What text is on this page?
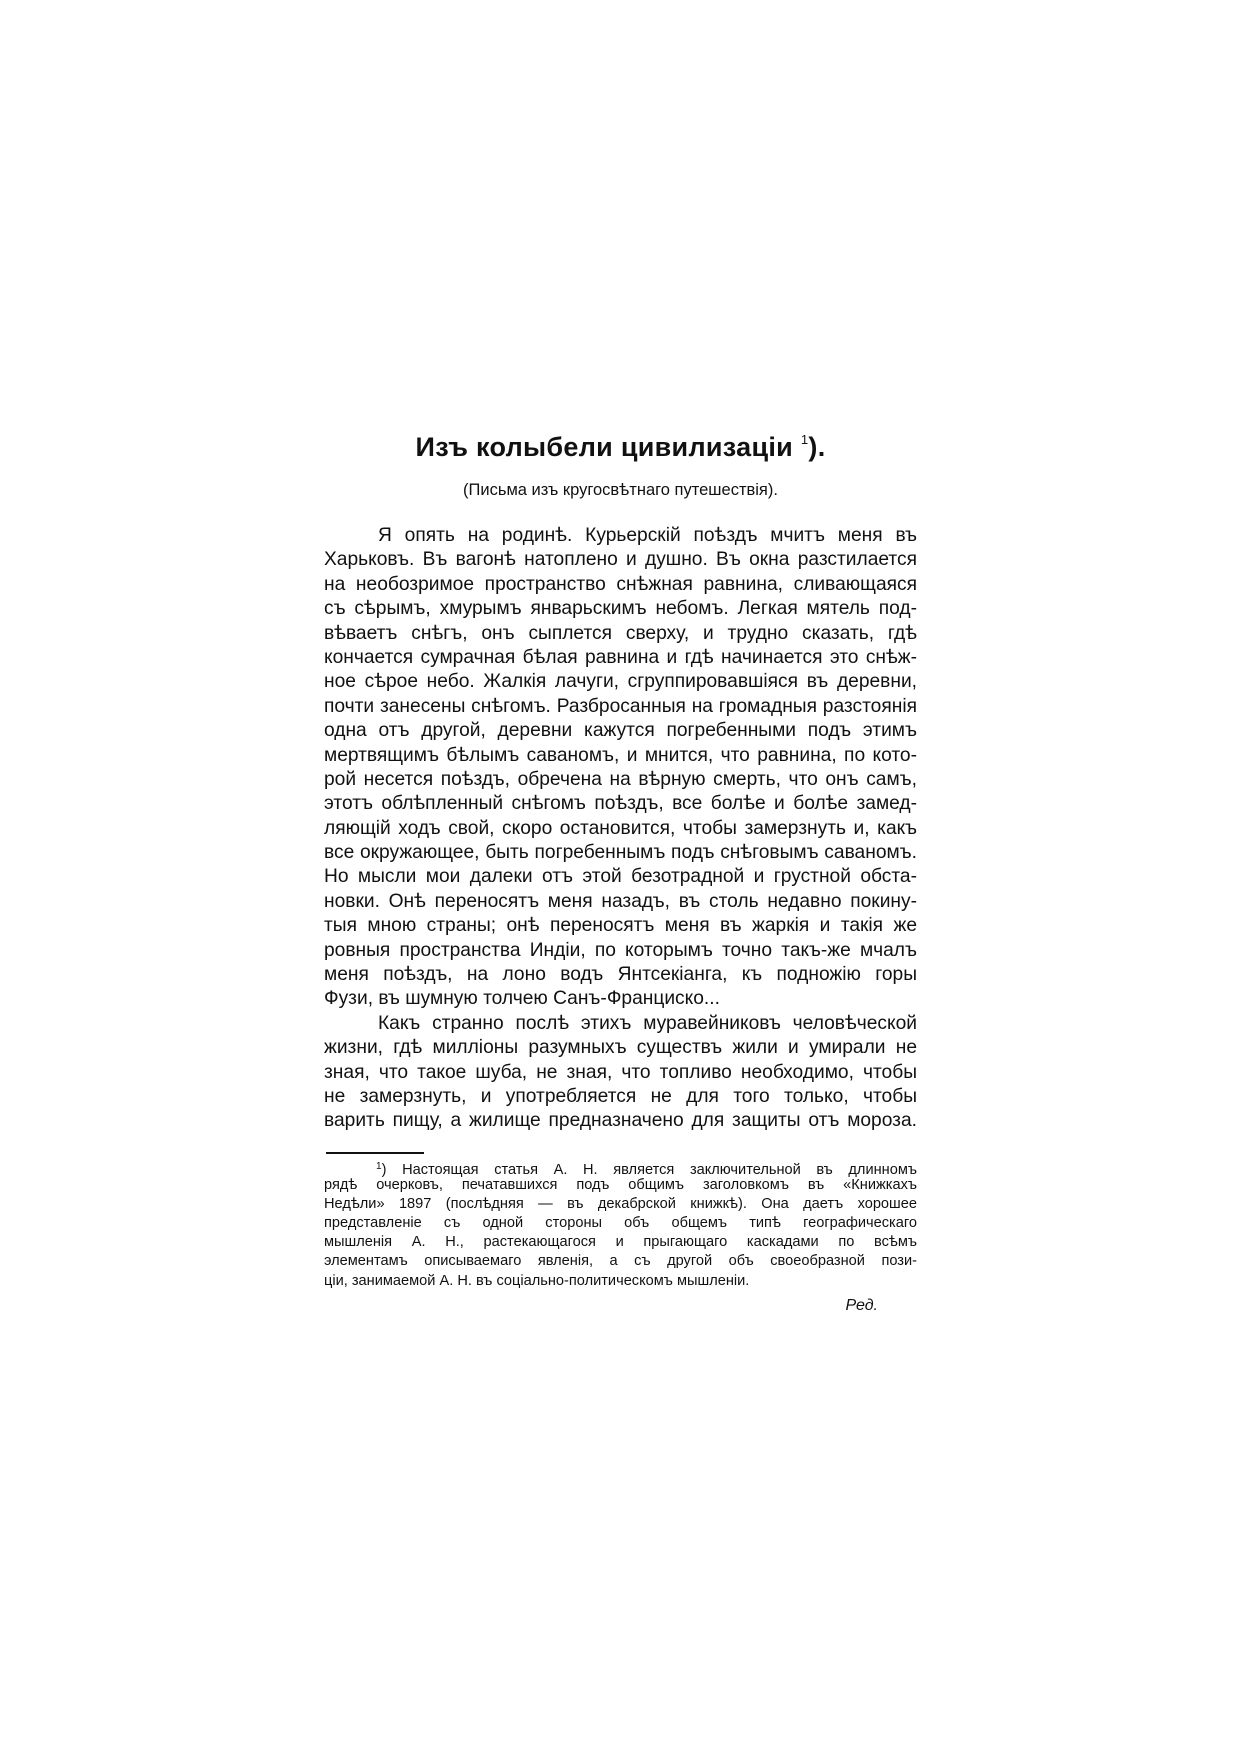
Изъ колыбели цивилизаціи $^1$).
(Письма изъ кругосвѣтнаго путешествія).
Я опять на родинѣ. Курьерскій поѣздъ мчитъ меня въ
Харьковъ. Въ вагонѣ натоплено и душно. Въ окна разстилается
на необозримое пространство снѣжная равнина, сливающаяся
съ сѣрымъ, хмурымъ январьскимъ небомъ. Легкая мятель под-
вѣваетъ снѣгъ, онъ сыплется сверху, и трудно сказать, гдѣ
кончается сумрачная бѣлая равнина и гдѣ начинается это снѣж-
ное сѣрое небо. Жалкія лачуги, сгруппировавшіяся въ деревни,
почти занесены снѣгомъ. Разбросанныя на громадныя разстоянія
одна отъ другой, деревни кажутся погребенными подъ этимъ
мертвящимъ бѣлымъ саваномъ, и мнится, что равнина, по кото-
рой несется поѣздъ, обречена на вѣрную смерть, что онъ самъ,
этотъ облѣпленный снѣгомъ поѣздъ, все болѣе и болѣе замед-
ляющій ходъ свой, скоро остановится, чтобы замерзнуть и, какъ
все окружающее, быть погребеннымъ подъ снѣговымъ саваномъ.
Но мысли мои далеки отъ этой безотрадной и грустной обста-
новки. Онѣ переносятъ меня назадъ, въ столь недавно покину-
тыя мною страны; онѣ переносятъ меня въ жаркія и такія же
ровныя пространства Индіи, по которымъ точно такъ-же мчалъ
меня поѣздъ, на лоно водъ Янтсекіанга, къ подножію горы
Фузи, въ шумную толчею Санъ-Франциско...
Какъ странно послѣ этихъ муравейниковъ человѣческой
жизни, гдѣ милліоны разумныхъ существъ жили и умирали не
зная, что такое шуба, не зная, что топливо необходимо, чтобы
не замерзнуть, и употребляется не для того только, чтобы
варить пищу, а жилище предназначено для защиты отъ мороза.
$^1$) Настоящая статья А. Н. является заключительной въ длинномъ
рядѣ очерковъ, печатавшихся подъ общимъ заголовкомъ въ «Книжкахъ
Недѣли» 1897 (послѣдняя — въ декабрской книжкѣ). Она даетъ хорошее
представленіе съ одной стороны объ общемъ типѣ географическаго
мышленія А. Н., растекающагося и прыгающаго каскадами по всѣмъ
элементамъ описываемаго явленія, а съ другой объ своеобразной пози-
ціи, занимаемой А. Н. въ соціально-политическомъ мышленіи.
Ред.
